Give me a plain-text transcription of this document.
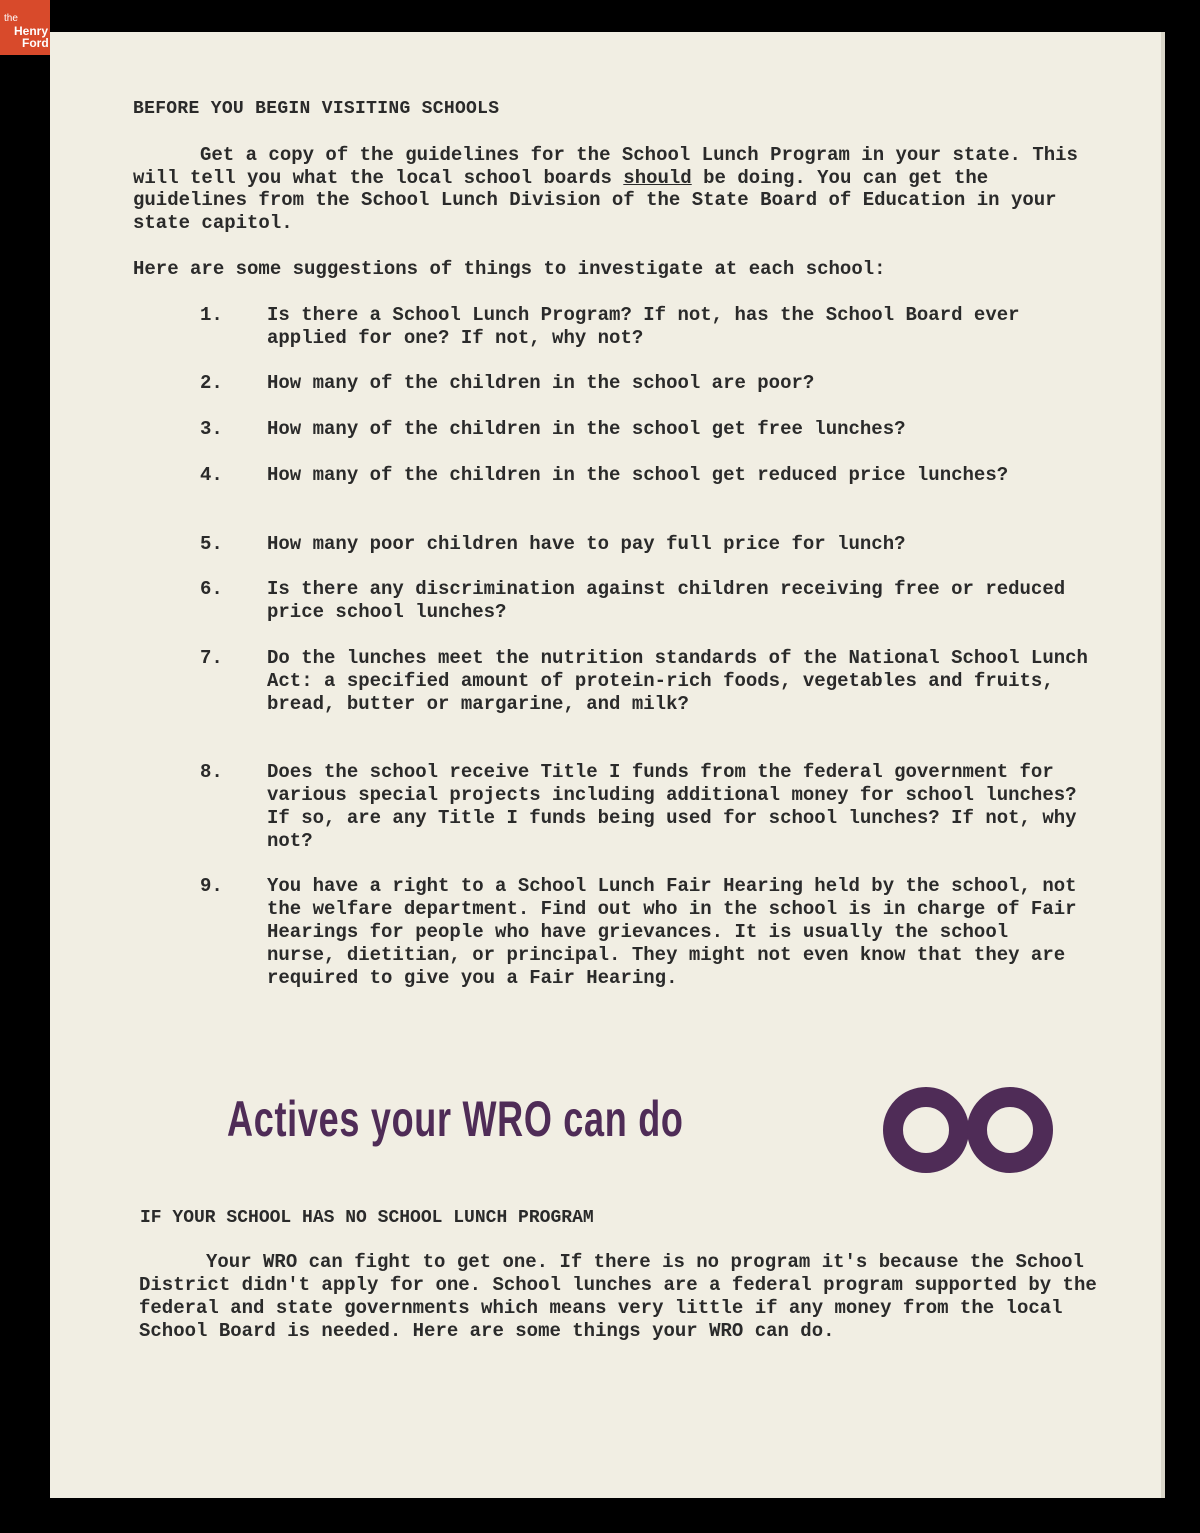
the
Henry
Ford
BEFORE YOU BEGIN VISITING SCHOOLS
Get a copy of the guidelines for the School Lunch Program in your state. This will tell you what the local school boards should be doing. You can get the guidelines from the School Lunch Division of the State Board of Education in your state capitol.
Here are some suggestions of things to investigate at each school:
1.	Is there a School Lunch Program? If not, has the School Board ever applied for one? If not, why not?
2.	How many of the children in the school are poor?
3.	How many of the children in the school get free lunches?
4.	How many of the children in the school get reduced price lunches?
5.	How many poor children have to pay full price for lunch?
6.	Is there any discrimination against children receiving free or reduced price school lunches?
7.	Do the lunches meet the nutrition standards of the National School Lunch Act: a specified amount of protein-rich foods, vegetables and fruits, bread, butter or margarine, and milk?
8.	Does the school receive Title I funds from the federal government for various special projects including additional money for school lunches? If so, are any Title I funds being used for school lunches? If not, why not?
9.	You have a right to a School Lunch Fair Hearing held by the school, not the welfare department. Find out who in the school is in charge of Fair Hearings for people who have grievances. It is usually the school nurse, dietitian, or principal. They might not even know that they are required to give you a Fair Hearing.
Actives your WRO can do
IF YOUR SCHOOL HAS NO SCHOOL LUNCH PROGRAM
Your WRO can fight to get one. If there is no program it's because the School District didn't apply for one. School lunches are a federal program supported by the federal and state governments which means very little if any money from the local School Board is needed. Here are some things your WRO can do.
